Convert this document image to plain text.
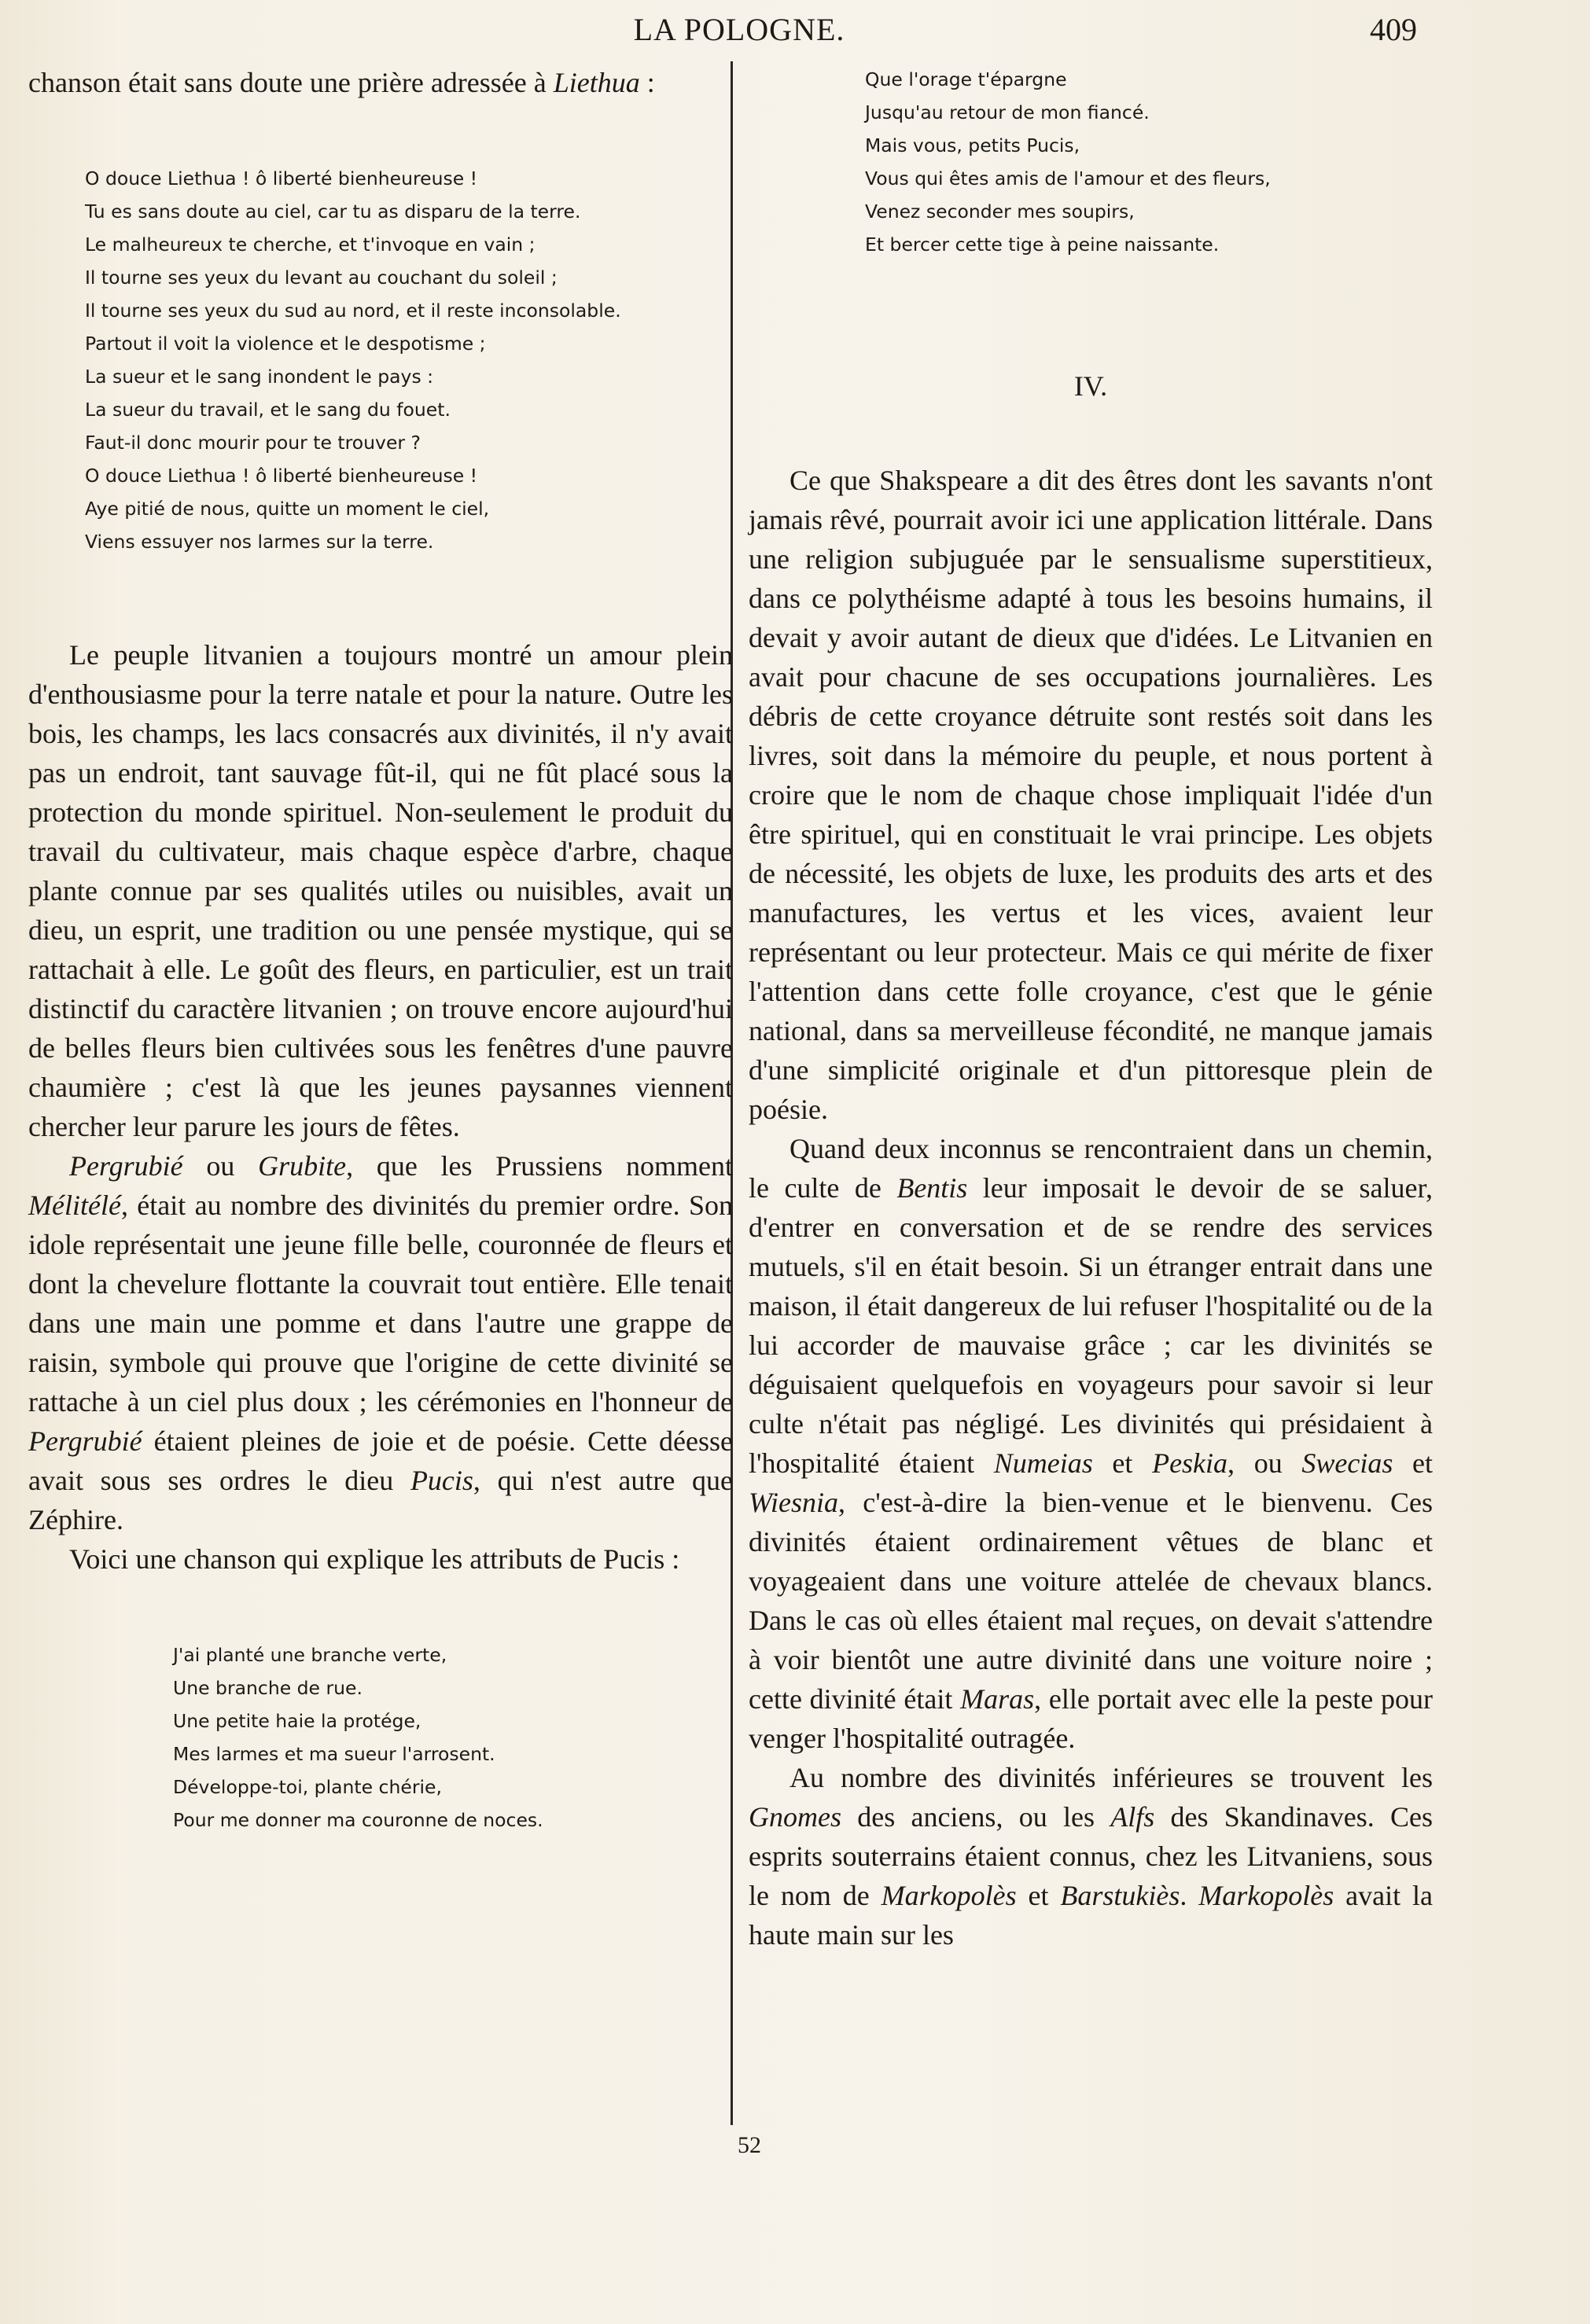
LA POLOGNE.	409

chanson était sans doute une prière adressée à Liethua :

O douce Liethua ! ô liberté bienheureuse !
Tu es sans doute au ciel, car tu as disparu de la terre.
Le malheureux te cherche, et t'invoque en vain ;
Il tourne ses yeux du levant au couchant du soleil ;
Il tourne ses yeux du sud au nord, et il reste inconsolable.
Partout il voit la violence et le despotisme ;
La sueur et le sang inondent le pays :
La sueur du travail, et le sang du fouet.
Faut-il donc mourir pour te trouver ?
O douce Liethua ! ô liberté bienheureuse !
Aye pitié de nous, quitte un moment le ciel,
Viens essuyer nos larmes sur la terre.

Le peuple litvanien a toujours montré un amour plein d'enthousiasme pour la terre natale et pour la nature. Outre les bois, les champs, les lacs consacrés aux divinités, il n'y avait pas un endroit, tant sauvage fût-il, qui ne fût placé sous la protection du monde spirituel. Non-seulement le produit du travail du cultivateur, mais chaque espèce d'arbre, chaque plante connue par ses qualités utiles ou nuisibles, avait un dieu, un esprit, une tradition ou une pensée mystique, qui se rattachait à elle. Le goût des fleurs, en particulier, est un trait distinctif du caractère litvanien ; on trouve encore aujourd'hui de belles fleurs bien cultivées sous les fenêtres d'une pauvre chaumière ; c'est là que les jeunes paysannes viennent chercher leur parure les jours de fêtes.

Pergrubié ou Grubite, que les Prussiens nomment Mélitélé, était au nombre des divinités du premier ordre. Son idole représentait une jeune fille belle, couronnée de fleurs et dont la chevelure flottante la couvrait tout entière. Elle tenait dans une main une pomme et dans l'autre une grappe de raisin, symbole qui prouve que l'origine de cette divinité se rattache à un ciel plus doux ; les cérémonies en l'honneur de Pergrubié étaient pleines de joie et de poésie. Cette déesse avait sous ses ordres le dieu Pucis, qui n'est autre que Zéphire.

Voici une chanson qui explique les attributs de Pucis :

J'ai planté une branche verte,
Une branche de rue.
Une petite haie la protége,
Mes larmes et ma sueur l'arrosent.
Développe-toi, plante chérie,
Pour me donner ma couronne de noces.
Que l'orage t'épargne
Jusqu'au retour de mon fiancé.
Mais vous, petits Pucis,
Vous qui êtes amis de l'amour et des fleurs,
Venez seconder mes soupirs,
Et bercer cette tige à peine naissante.

IV.

Ce que Shakspeare a dit des êtres dont les savants n'ont jamais rêvé, pourrait avoir ici une application littérale. Dans une religion subjuguée par le sensualisme superstitieux, dans ce polythéisme adapté à tous les besoins humains, il devait y avoir autant de dieux que d'idées. Le Litvanien en avait pour chacune de ses occupations journalières. Les débris de cette croyance détruite sont restés soit dans les livres, soit dans la mémoire du peuple, et nous portent à croire que le nom de chaque chose impliquait l'idée d'un être spirituel, qui en constituait le vrai principe. Les objets de nécessité, les objets de luxe, les produits des arts et des manufactures, les vertus et les vices, avaient leur représentant ou leur protecteur. Mais ce qui mérite de fixer l'attention dans cette folle croyance, c'est que le génie national, dans sa merveilleuse fécondité, ne manque jamais d'une simplicité originale et d'un pittoresque plein de poésie.

Quand deux inconnus se rencontraient dans un chemin, le culte de Bentis leur imposait le devoir de se saluer, d'entrer en conversation et de se rendre des services mutuels, s'il en était besoin. Si un étranger entrait dans une maison, il était dangereux de lui refuser l'hospitalité ou de la lui accorder de mauvaise grâce ; car les divinités se déguisaient quelquefois en voyageurs pour savoir si leur culte n'était pas négligé. Les divinités qui présidaient à l'hospitalité étaient Numeias et Peskia, ou Swecias et Wiesnia, c'est-à-dire la bien-venue et le bienvenu. Ces divinités étaient ordinairement vêtues de blanc et voyageaient dans une voiture attelée de chevaux blancs. Dans le cas où elles étaient mal reçues, on devait s'attendre à voir bientôt une autre divinité dans une voiture noire ; cette divinité était Maras, elle portait avec elle la peste pour venger l'hospitalité outragée.

Au nombre des divinités inférieures se trouvent les Gnomes des anciens, ou les Alfs des Skandinaves. Ces esprits souterrains étaient connus, chez les Litvaniens, sous le nom de Markopolès et Barstukiès. Markopolès avait la haute main sur les

52
